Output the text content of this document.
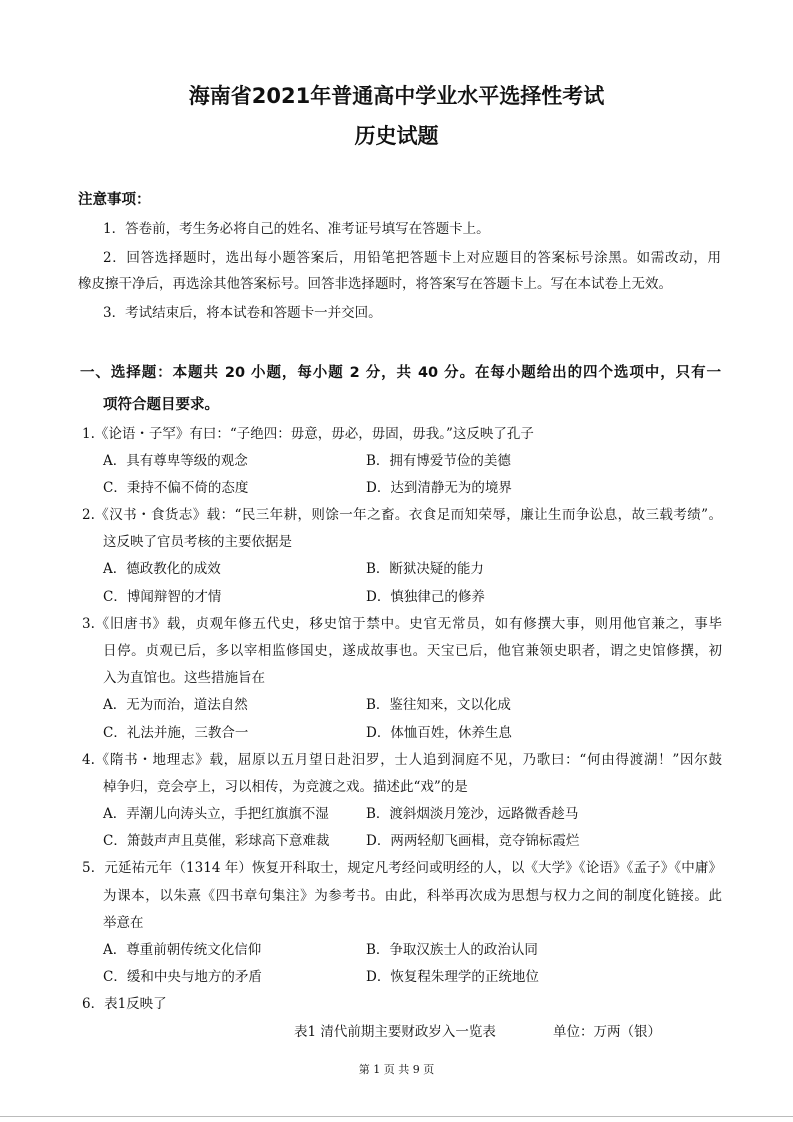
海南省2021年普通高中学业水平选择性考试
历史试题
注意事项：
1．答卷前，考生务必将自己的姓名、准考证号填写在答题卡上。
2．回答选择题时，选出每小题答案后，用铅笔把答题卡上对应题目的答案标号涂黑。如需改动，用
橡皮擦干净后，再选涂其他答案标号。回答非选择题时，将答案写在答题卡上。写在本试卷上无效。
3．考试结束后，将本试卷和答题卡一并交回。
一、选择题：本题共 20 小题，每小题 2 分，共 40 分。在每小题给出的四个选项中，只有一
项符合题目要求。
1.《论语・子罕》有曰：“子绝四：毋意，毋必，毋固，毋我。”这反映了孔子
A．具有尊卑等级的观念	B．拥有博爱节俭的美德
C．秉持不偏不倚的态度	D．达到清静无为的境界
2.《汉书・食货志》载：“民三年耕，则馀一年之畜。衣食足而知荣辱，廉让生而争讼息，故三载考绩”。
这反映了官员考核的主要依据是
A．德政教化的成效	B．断狱决疑的能力
C．博闻辩智的才情	D．慎独律己的修养
3.《旧唐书》载，贞观年修五代史，移史馆于禁中。史官无常员，如有修撰大事，则用他官兼之，事毕
日停。贞观已后，多以宰相监修国史，遂成故事也。天宝已后，他官兼领史职者，谓之史馆修撰，初
入为直馆也。这些措施旨在
A．无为而治，道法自然	B．鉴往知来，文以化成
C．礼法并施，三教合一	D．体恤百姓，休养生息
4.《隋书・地理志》载，屈原以五月望日赴汨罗，士人追到洞庭不见，乃歌曰：“何由得渡湖！”因尔鼓
棹争归，竞会亭上，习以相传，为竞渡之戏。描述此“戏”的是
A．弄潮儿向涛头立，手把红旗旗不湿	B．渡斜烟淡月笼沙，远路微香趁马
C．箫鼓声声且莫催，彩球高下意难裁	D．两两轻舠飞画楫，竞夺锦标霞烂
5．元延祐元年（1314 年）恢复开科取士，规定凡考经问或明经的人，以《大学》《论语》《孟子》《中庸》
为课本，以朱熹《四书章句集注》为参考书。由此，科举再次成为思想与权力之间的制度化链接。此
举意在
A．尊重前朝传统文化信仰	B．争取汉族士人的政治认同
C．缓和中央与地方的矛盾	D．恢复程朱理学的正统地位
6．表1反映了
表1 清代前期主要财政岁入一览表	单位：万两（银）
第 1 页 共 9 页
